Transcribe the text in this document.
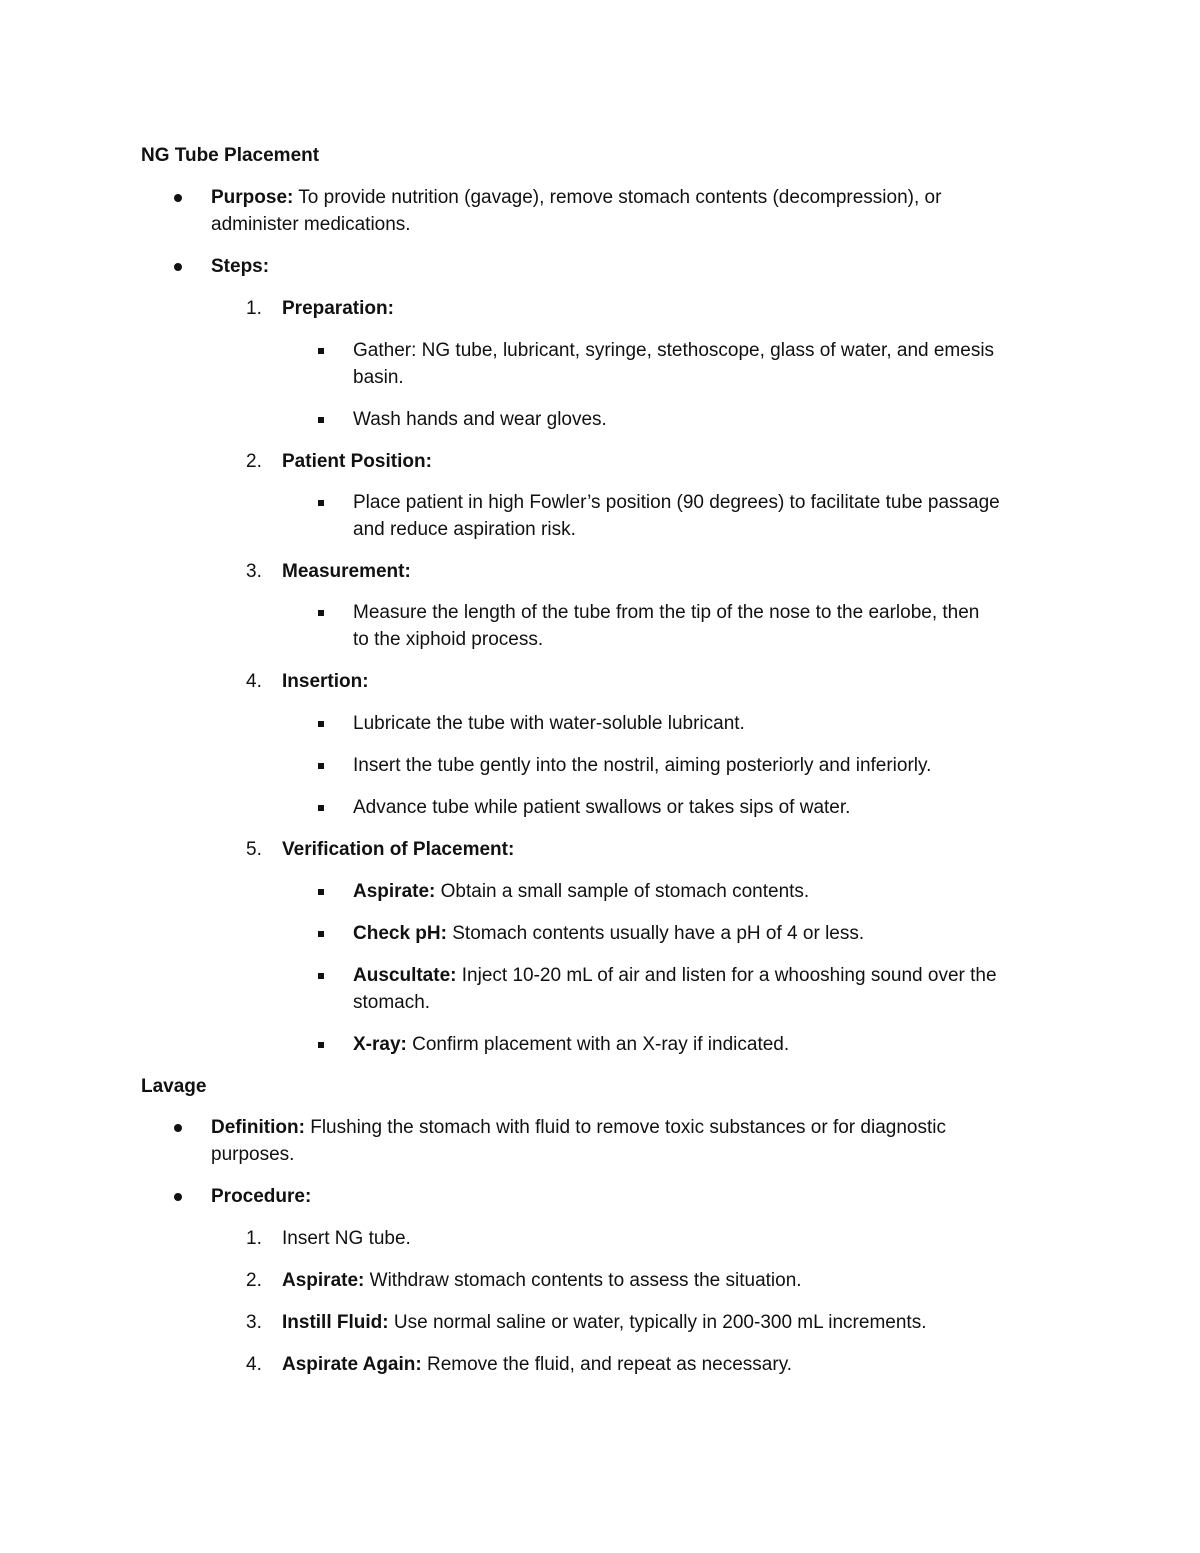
NG Tube Placement
Purpose: To provide nutrition (gavage), remove stomach contents (decompression), or
administer medications.
Steps:
1.	Preparation:
Gather: NG tube, lubricant, syringe, stethoscope, glass of water, and emesis
basin.
Wash hands and wear gloves.
2.	Patient Position:
Place patient in high Fowler’s position (90 degrees) to facilitate tube passage
and reduce aspiration risk.
3.	Measurement:
Measure the length of the tube from the tip of the nose to the earlobe, then
to the xiphoid process.
4.	Insertion:
Lubricate the tube with water-soluble lubricant.
Insert the tube gently into the nostril, aiming posteriorly and inferiorly.
Advance tube while patient swallows or takes sips of water.
5.	Verification of Placement:
Aspirate: Obtain a small sample of stomach contents.
Check pH: Stomach contents usually have a pH of 4 or less.
Auscultate: Inject 10-20 mL of air and listen for a whooshing sound over the
stomach.
X-ray: Confirm placement with an X-ray if indicated.
Lavage
Definition: Flushing the stomach with fluid to remove toxic substances or for diagnostic
purposes.
Procedure:
1.	Insert NG tube.
2.	Aspirate: Withdraw stomach contents to assess the situation.
3.	Instill Fluid: Use normal saline or water, typically in 200-300 mL increments.
4.	Aspirate Again: Remove the fluid, and repeat as necessary.
